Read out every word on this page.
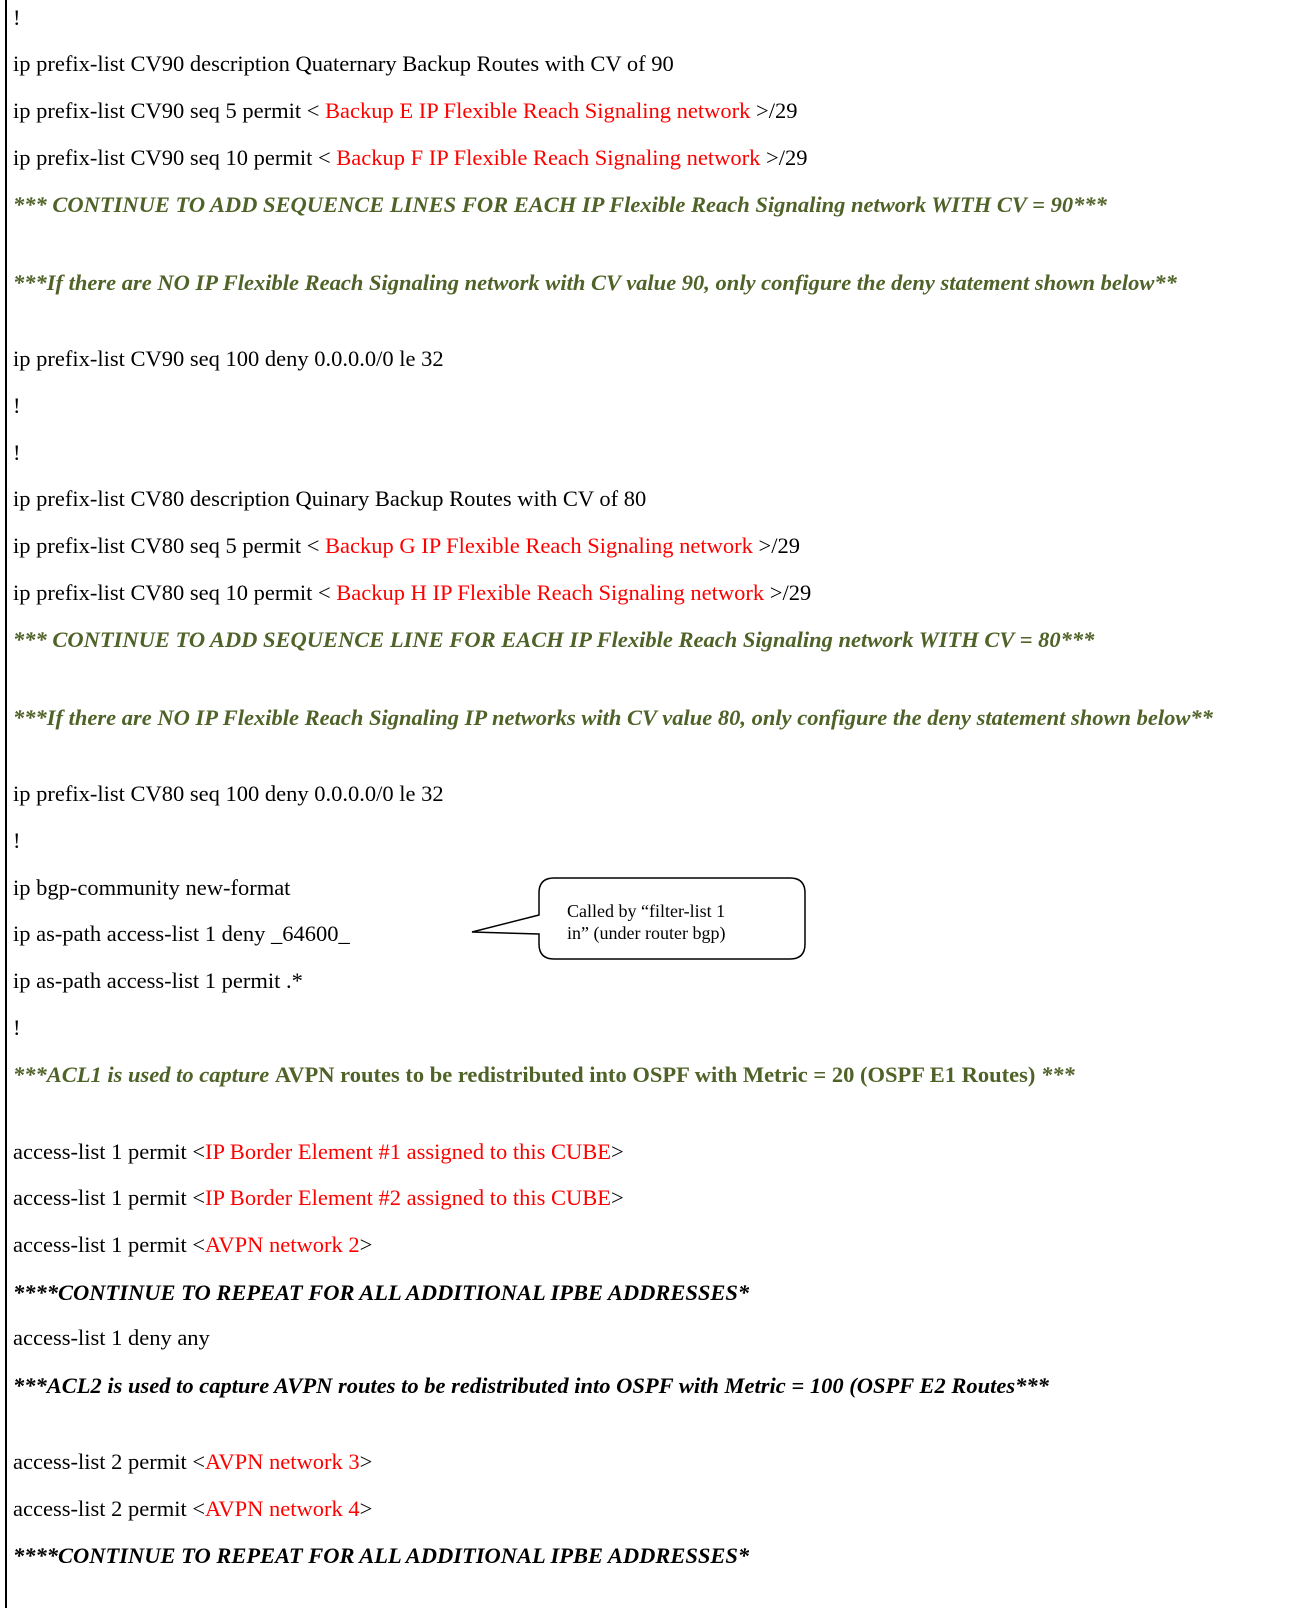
!
ip prefix-list CV90 description Quaternary Backup Routes with CV of 90
ip prefix-list CV90 seq 5 permit < Backup E IP Flexible Reach Signaling network >/29
ip prefix-list CV90 seq 10 permit < Backup F IP Flexible Reach Signaling network >/29
*** CONTINUE TO ADD SEQUENCE LINES FOR EACH IP Flexible Reach Signaling network WITH CV = 90***
***If there are NO IP Flexible Reach Signaling network with CV value 90, only configure the deny statement shown below**
ip prefix-list CV90 seq 100 deny 0.0.0.0/0 le 32
!
!
ip prefix-list CV80 description Quinary Backup Routes with CV of 80
ip prefix-list CV80 seq 5 permit < Backup G IP Flexible Reach Signaling network >/29
ip prefix-list CV80 seq 10 permit < Backup H IP Flexible Reach Signaling network >/29
*** CONTINUE TO ADD SEQUENCE LINE FOR EACH IP Flexible Reach Signaling network WITH CV = 80***
***If there are NO IP Flexible Reach Signaling IP networks with CV value 80, only configure the deny statement shown below**
ip prefix-list CV80 seq 100 deny 0.0.0.0/0 le 32
!
ip bgp-community new-format
ip as-path access-list 1 deny _64600_
ip as-path access-list 1 permit .*
!
***ACL1 is used to capture AVPN routes to be redistributed into OSPF with Metric = 20 (OSPF E1 Routes) ***
access-list 1 permit <IP Border Element #1 assigned to this CUBE>
access-list 1 permit <IP Border Element #2 assigned to this CUBE>
access-list 1 permit <AVPN network 2>
****CONTINUE TO REPEAT FOR ALL ADDITIONAL IPBE ADDRESSES*
access-list 1 deny any
***ACL2 is used to capture AVPN routes to be redistributed into OSPF with Metric = 100 (OSPF E2 Routes***
access-list 2 permit <AVPN network 3>
access-list 2 permit <AVPN network 4>
****CONTINUE TO REPEAT FOR ALL ADDITIONAL IPBE ADDRESSES*
Called by “filter-list 1
in” (under router bgp)
